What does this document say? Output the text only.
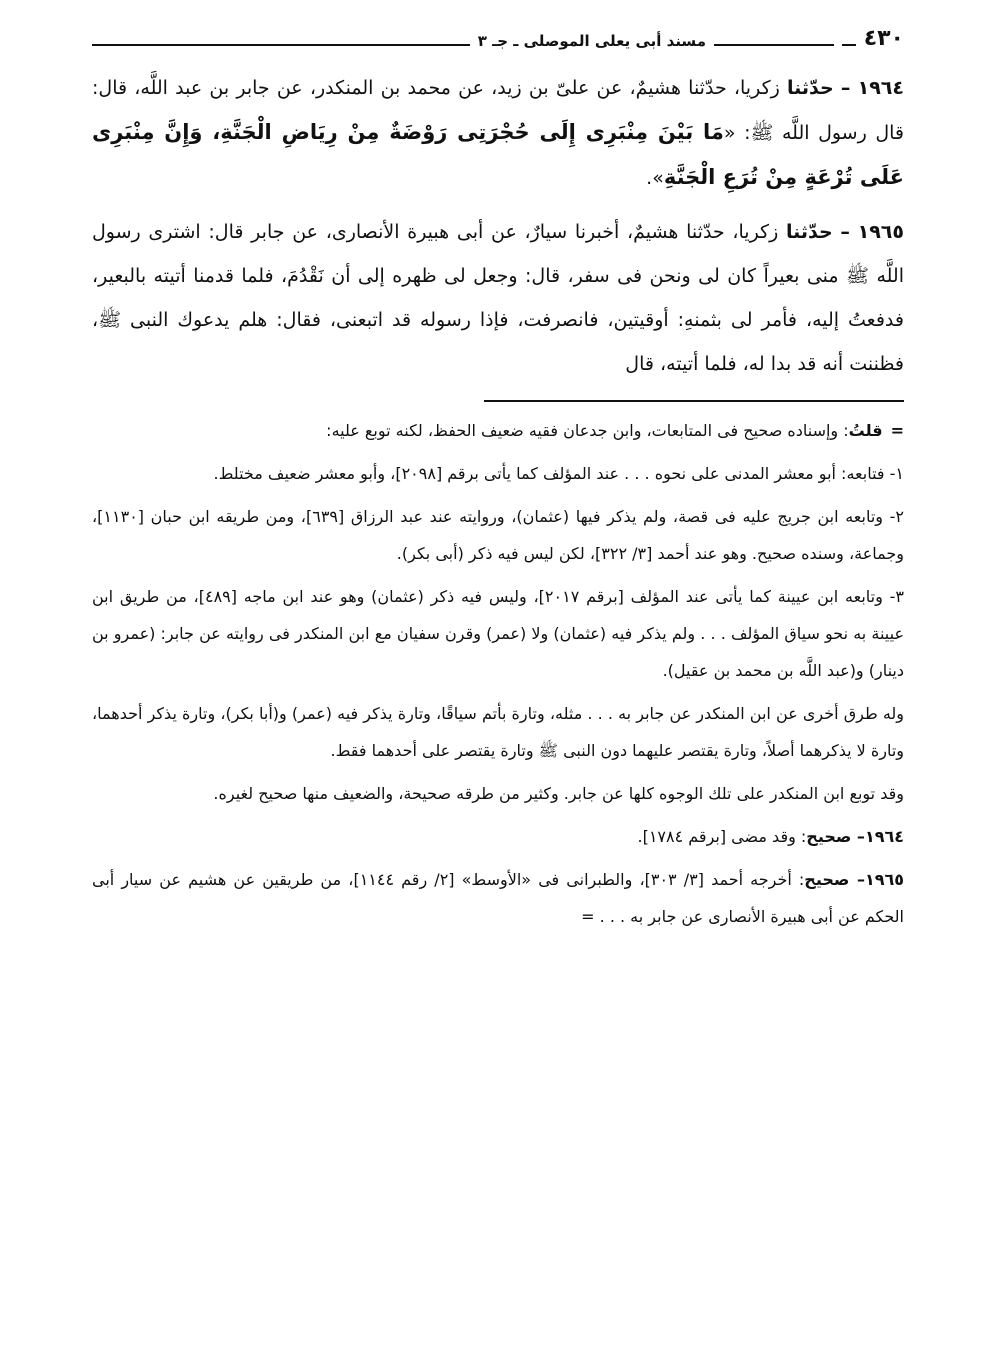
٤٣٠
مسند أبى يعلى الموصلى ـ جـ ٣

١٩٦٤ – حدّثنا زكريا، حدّثنا هشيمٌ، عن علىّ بن زيد، عن محمد بن المنكدر، عن جابر بن عبد اللَّه، قال: قال رسول اللَّه ﷺ: «مَا بَيْنَ مِنْبَرِى إِلَى حُجْرَتِى رَوْضَةٌ مِنْ رِيَاضِ الْجَنَّةِ، وَإِنَّ مِنْبَرِى عَلَى تُرْعَةٍ مِنْ تُرَعِ الْجَنَّةِ».

١٩٦٥ – حدّثنا زكريا، حدّثنا هشيمٌ، أخبرنا سيارٌ، عن أبى هبيرة الأنصارى، عن جابر قال: اشترى رسول اللَّه ﷺ منى بعيراً كان لى ونحن فى سفر، قال: وجعل لى ظهره إلى أن نَقْدُمَ، فلما قدمنا أتيته بالبعير، فدفعتُ إليه، فأمر لى بثمنهِ: أوقيتين، فانصرفت، فإذا رسوله قد اتبعنى، فقال: هلم يدعوك النبى ﷺ، فظننت أنه قد بدا له، فلما أتيته، قال

=قلتُ: وإسناده صحيح فى المتابعات، وابن جدعان فقيه ضعيف الحفظ، لكنه توبع عليه:

١- فتابعه: أبو معشر المدنى على نحوه . . . عند المؤلف كما يأتى برقم [٢٠٩٨]، وأبو معشر ضعيف مختلط.

٢- وتابعه ابن جريج عليه فى قصة، ولم يذكر فيها (عثمان)، وروايته عند عبد الرزاق [٦٣٩]، ومن طريقه ابن حبان [١١٣٠]، وجماعة، وسنده صحيح. وهو عند أحمد [٣/ ٣٢٢]، لكن ليس فيه ذكر (أبى بكر).

٣- وتابعه ابن عيينة كما يأتى عند المؤلف [برقم ٢٠١٧]، وليس فيه ذكر (عثمان) وهو عند ابن ماجه [٤٨٩]، من طريق ابن عيينة به نحو سياق المؤلف . . . ولم يذكر فيه (عثمان) ولا (عمر) وقرن سفيان مع ابن المنكدر فى روايته عن جابر: (عمرو بن دينار) و(عبد اللَّه بن محمد بن عقيل).

وله طرق أخرى عن ابن المنكدر عن جابر به . . . مثله، وتارة بأتم سياقًا، وتارة يذكر فيه (عمر) و(أبا بكر)، وتارة يذكر أحدهما، وتارة لا يذكرهما أصلاً، وتارة يقتصر عليهما دون النبى ﷺ وتارة يقتصر على أحدهما فقط.

وقد توبع ابن المنكدر على تلك الوجوه كلها عن جابر. وكثير من طرقه صحيحة، والضعيف منها صحيح لغيره.

١٩٦٤– صحيح: وقد مضى [برقم ١٧٨٤].

١٩٦٥– صحيح: أخرجه أحمد [٣/ ٣٠٣]، والطبرانى فى «الأوسط» [٢/ رقم ١١٤٤]، من طريقين عن هشيم عن سيار أبى الحكم عن أبى هبيرة الأنصارى عن جابر به . . . =
